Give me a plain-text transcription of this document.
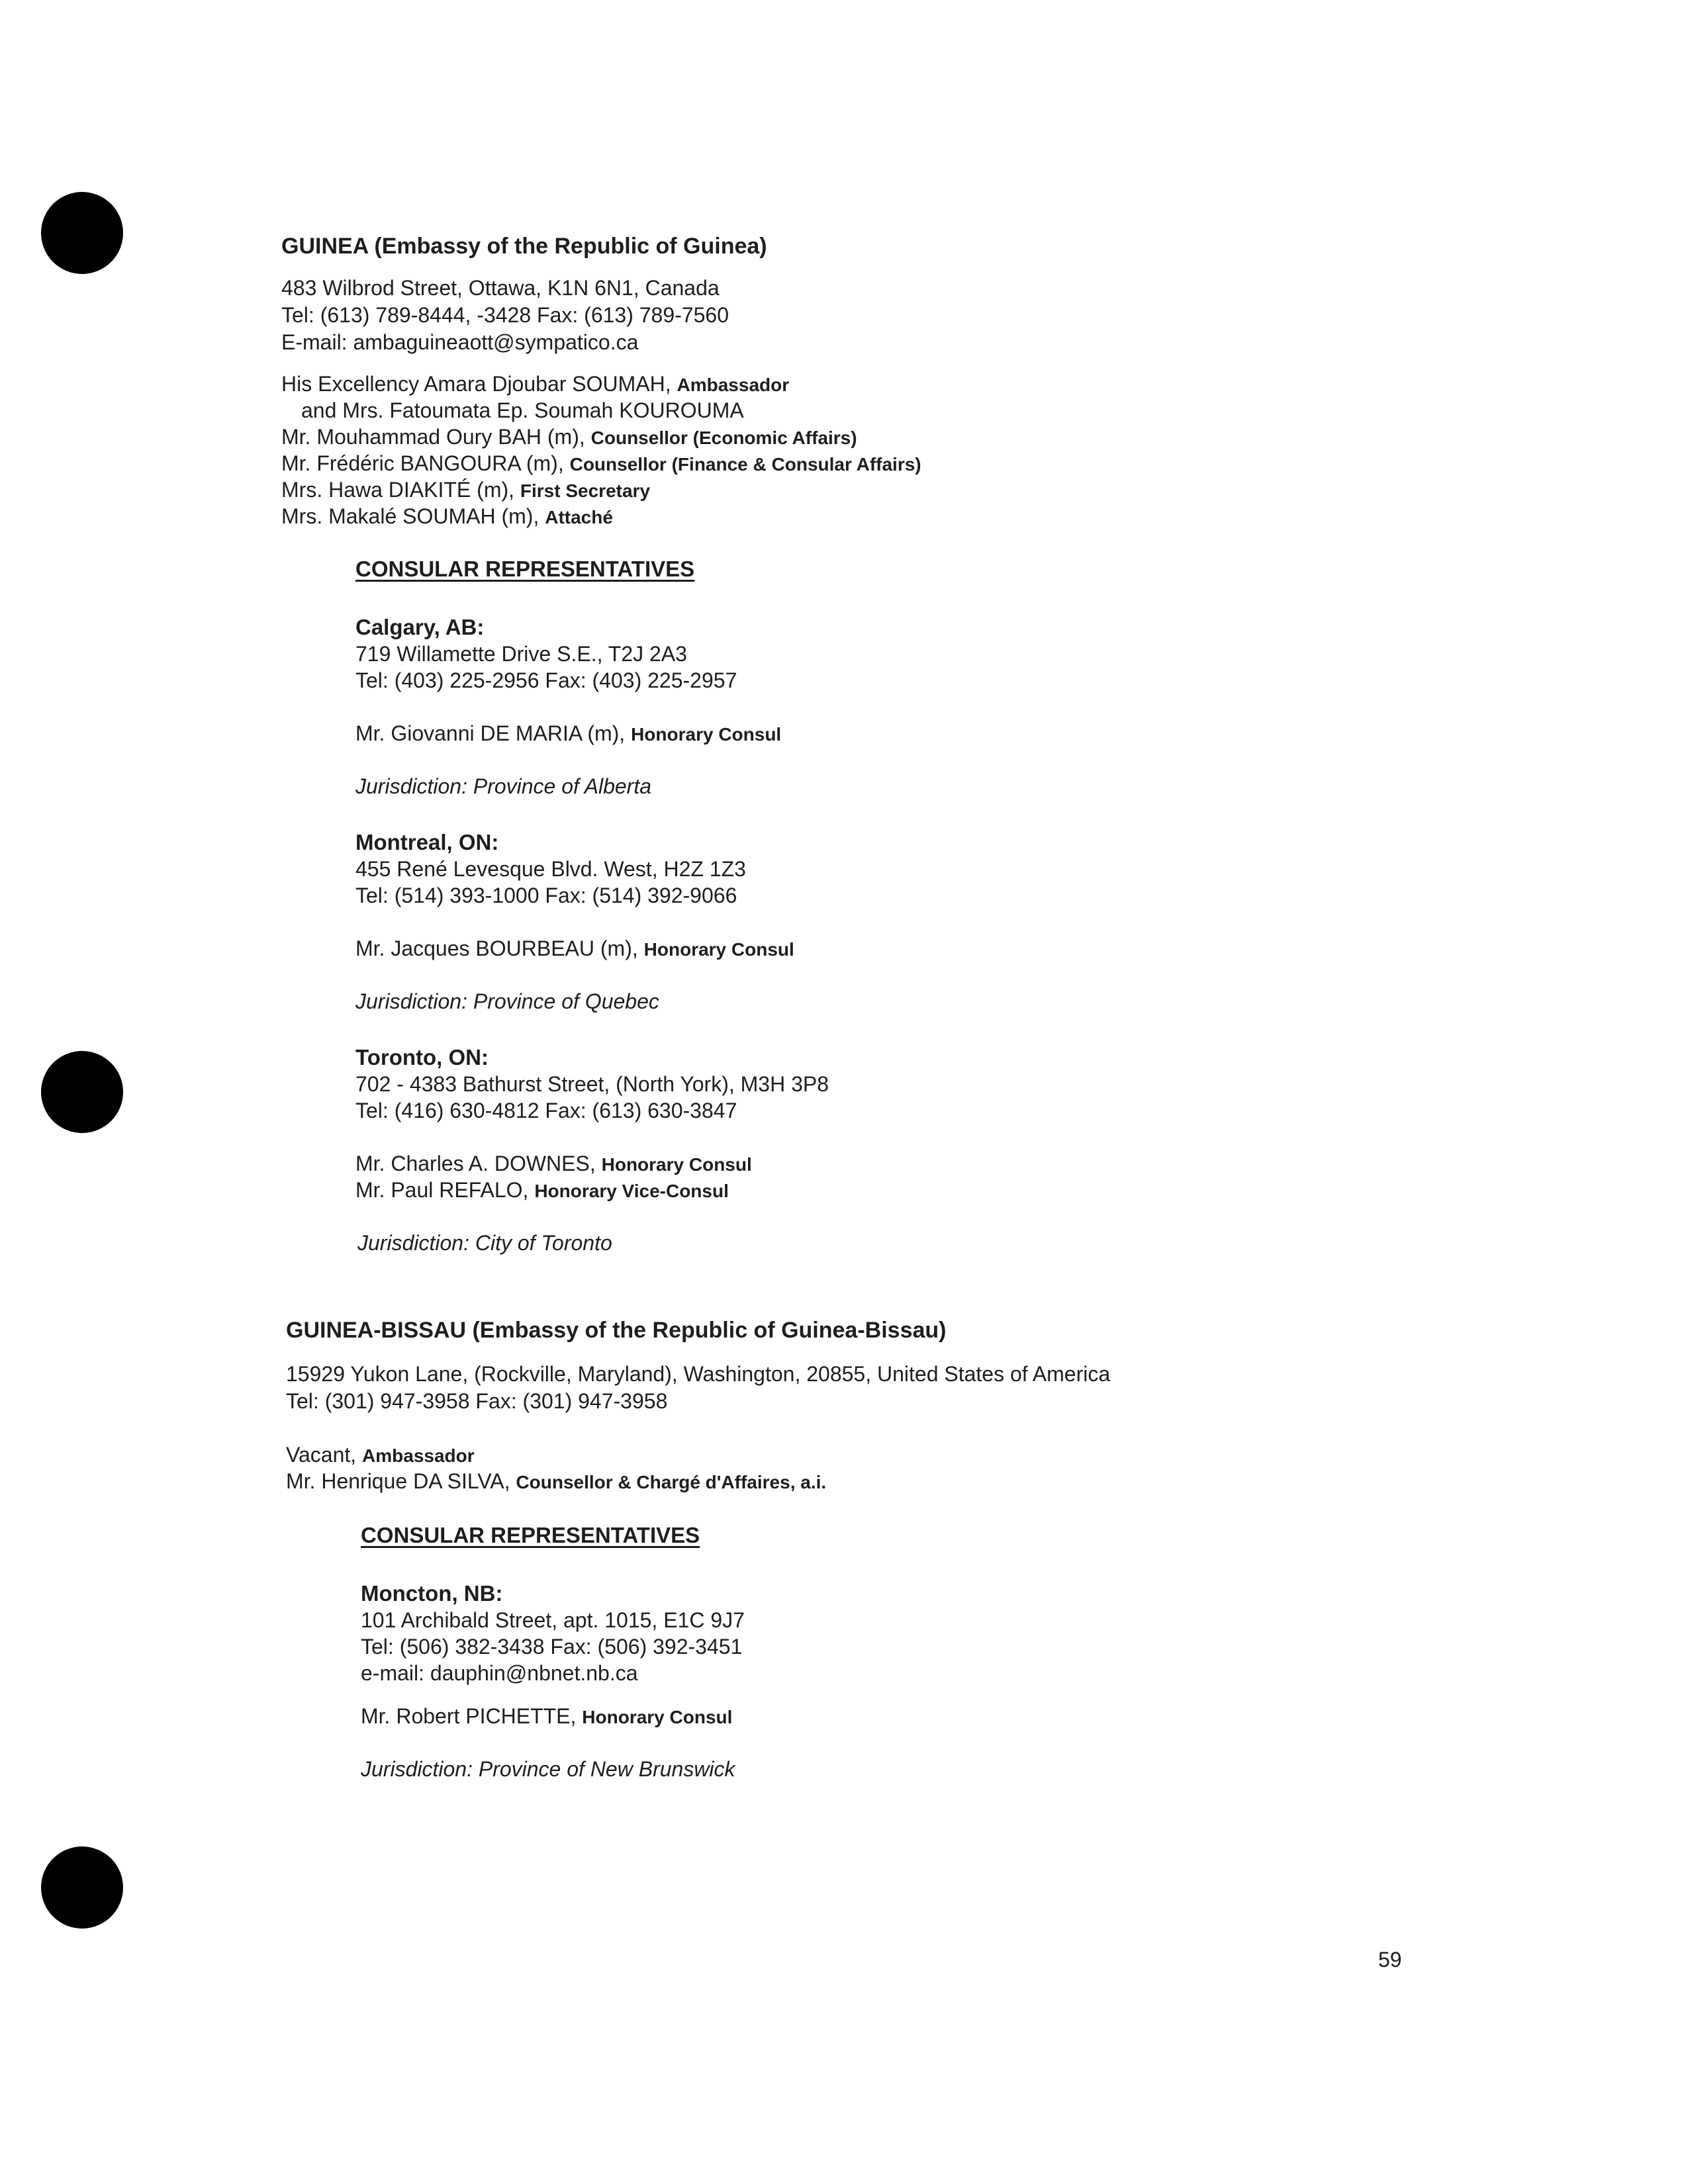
GUINEA (Embassy of the Republic of Guinea)
483 Wilbrod Street, Ottawa, K1N 6N1, Canada
Tel: (613) 789-8444, -3428 Fax: (613) 789-7560
E-mail: ambaguineaott@sympatico.ca
His Excellency Amara Djoubar SOUMAH, Ambassador
and Mrs. Fatoumata Ep. Soumah KOUROUMA
Mr. Mouhammad Oury BAH (m), Counsellor (Economic Affairs)
Mr. Frédéric BANGOURA (m), Counsellor (Finance & Consular Affairs)
Mrs. Hawa DIAKITÉ (m), First Secretary
Mrs. Makalé SOUMAH (m), Attaché
CONSULAR REPRESENTATIVES
Calgary, AB:
719 Willamette Drive S.E., T2J 2A3
Tel: (403) 225-2956 Fax: (403) 225-2957
Mr. Giovanni DE MARIA (m), Honorary Consul
Jurisdiction: Province of Alberta
Montreal, ON:
455 René Levesque Blvd. West, H2Z 1Z3
Tel: (514) 393-1000 Fax: (514) 392-9066
Mr. Jacques BOURBEAU (m), Honorary Consul
Jurisdiction: Province of Quebec
Toronto, ON:
702 - 4383 Bathurst Street, (North York), M3H 3P8
Tel: (416) 630-4812 Fax: (613) 630-3847
Mr. Charles A. DOWNES, Honorary Consul
Mr. Paul REFALO, Honorary Vice-Consul
Jurisdiction: City of Toronto
GUINEA-BISSAU (Embassy of the Republic of Guinea-Bissau)
15929 Yukon Lane, (Rockville, Maryland), Washington, 20855, United States of America
Tel: (301) 947-3958 Fax: (301) 947-3958
Vacant, Ambassador
Mr. Henrique DA SILVA, Counsellor & Chargé d'Affaires, a.i.
CONSULAR REPRESENTATIVES
Moncton, NB:
101 Archibald Street, apt. 1015, E1C 9J7
Tel: (506) 382-3438 Fax: (506) 392-3451
e-mail: dauphin@nbnet.nb.ca
Mr. Robert PICHETTE, Honorary Consul
Jurisdiction: Province of New Brunswick
59
